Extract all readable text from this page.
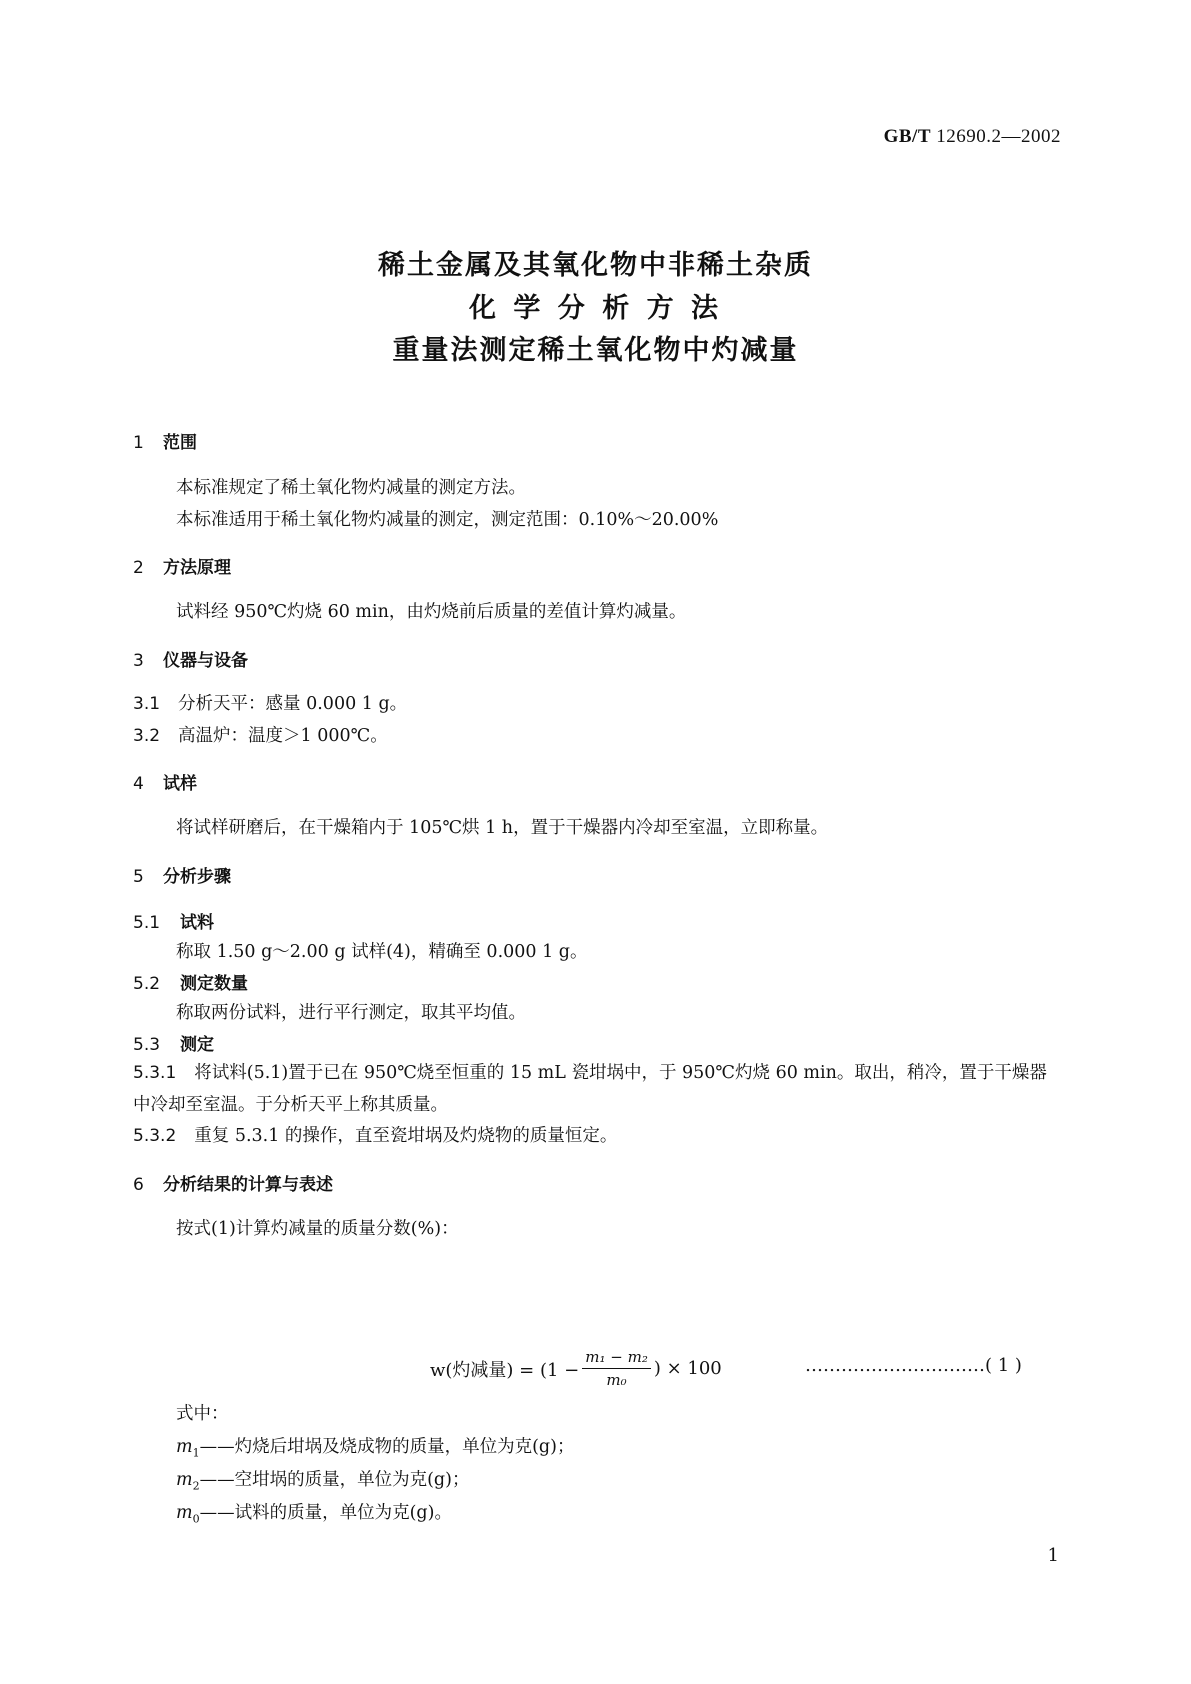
GB/T 12690.2—2002
稀土金属及其氧化物中非稀土杂质
化 学 分 析 方 法
重量法测定稀土氧化物中灼减量
1 范围
本标准规定了稀土氧化物灼减量的测定方法。
本标准适用于稀土氧化物灼减量的测定，测定范围：0.10%～20.00%
2 方法原理
试料经 950℃灼烧 60 min，由灼烧前后质量的差值计算灼减量。
3 仪器与设备
3.1 分析天平：感量 0.000 1 g。
3.2 高温炉：温度＞1 000℃。
4 试样
将试样研磨后，在干燥箱内于 105℃烘 1 h，置于干燥器内冷却至室温，立即称量。
5 分析步骤
5.1 试料
称取 1.50 g～2.00 g 试样(4)，精确至 0.000 1 g。
5.2 测定数量
称取两份试料，进行平行测定，取其平均值。
5.3 测定
5.3.1 将试料(5.1)置于已在 950℃烧至恒重的 15 mL 瓷坩埚中，于 950℃灼烧 60 min。取出，稍冷，置于干燥器中冷却至室温。于分析天平上称其质量。
5.3.2 重复 5.3.1 的操作，直至瓷坩埚及灼烧物的质量恒定。
6 分析结果的计算与表述
按式(1)计算灼减量的质量分数(%)：
w(灼减量) = ($1 - \frac{\text{m₁ − m₂}}{\text{m₀}}$ ) × 100	…………………………( 1 )
式中：
$m_1——$灼烧后坩埚及烧成物的质量，单位为克(g)；
$m_2——$空坩埚的质量，单位为克(g)；
$m_0——$试料的质量，单位为克(g)。
1
